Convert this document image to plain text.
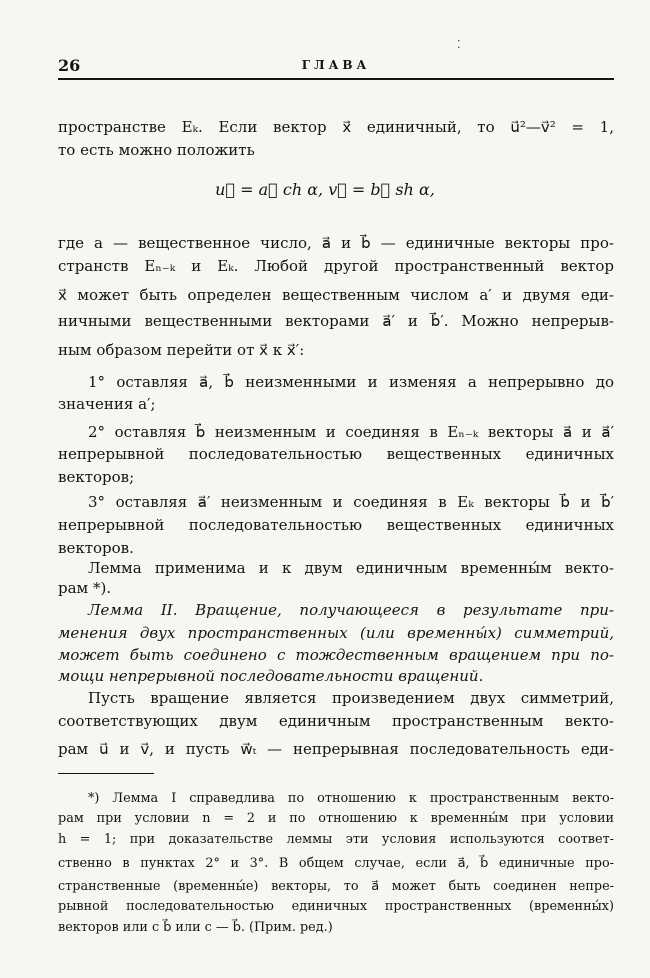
26	ГЛАВА
⁚
пространстве Eₖ. Если вектор x⃗ единичный, то u⃗²—v⃗² = 1,
то есть можно положить
u⃗ = a⃗ ch α, v⃗ = b⃗ sh α,
где a — вещественное число, a⃗ и b⃗ — единичные векторы про-
странств Eₙ₋ₖ и Eₖ. Любой другой пространственный вектор
x⃗ может быть определен вещественным числом a′ и двумя еди-
ничными вещественными векторами a⃗′ и b⃗′. Можно непрерыв-
ным образом перейти от x⃗ к x⃗′:
1° оставляя a⃗, b⃗ неизменными и изменяя a непрерывно до
значения a′;
2° оставляя b⃗ неизменным и соединяя в Eₙ₋ₖ векторы a⃗ и a⃗′
непрерывной последовательностью вещественных единичных
векторов;
3° оставляя a⃗′ неизменным и соединяя в Eₖ векторы b⃗ и b⃗′
непрерывной последовательностью вещественных единичных
векторов.
Лемма применима и к двум единичным временны́м векто-
рам *).
Лемма II. Вращение, получающееся в результате при-
менения двух пространственных (или временны́х) симметрий,
может быть соединено с тождественным вращением при по-
мощи непрерывной последовательности вращений.
Пусть вращение является произведением двух симметрий,
соответствующих двум единичным пространственным векто-
рам u⃗ и v⃗, и пусть w⃗ₜ — непрерывная последовательность еди-
*) Лемма I справедлива по отношению к пространственным векто-
рам при условии n = 2 и по отношению к временны́м при условии
h = 1; при доказательстве леммы эти условия используются соответ-
ственно в пунктах 2° и 3°. В общем случае, если a⃗, b⃗ единичные про-
странственные (временны́е) векторы, то a⃗ может быть соединен непре-
рывной последовательностью единичных пространственных (временны́х)
векторов или с b⃗ или с — b⃗. (Прим. ред.)
